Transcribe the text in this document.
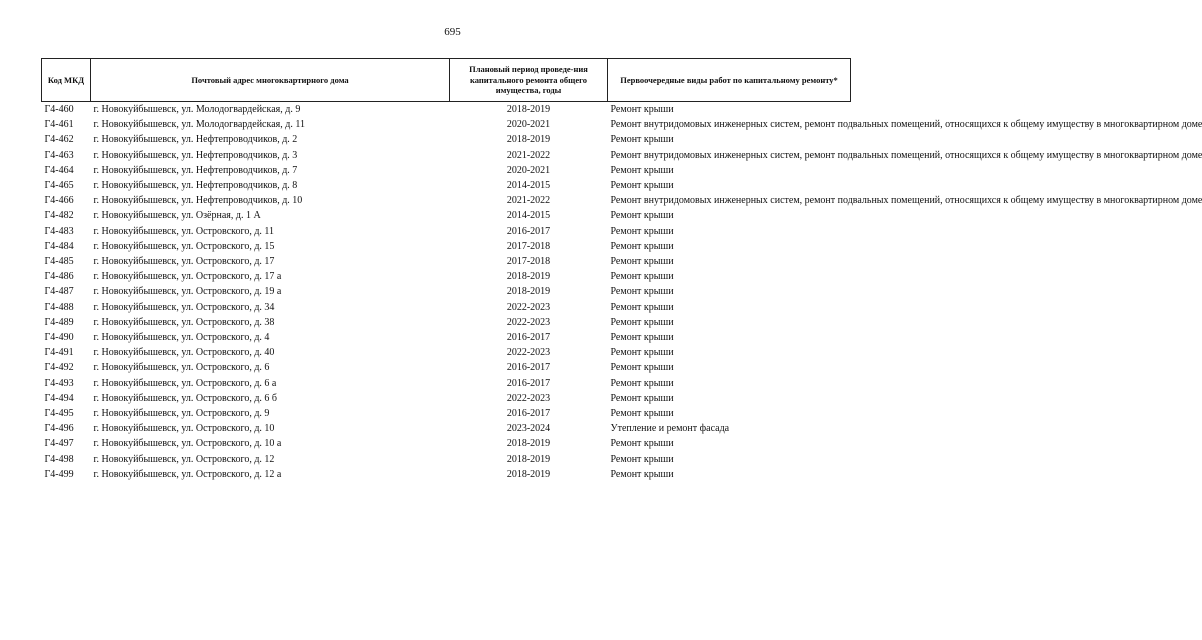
695
Код МКД	Почтовый адрес многоквартирного дома	Плановый период проведе-ния капитального ремонта общего имущества, годы	Первоочередные виды работ по капитальному ремонту*
Г4-460	г. Новокуйбышевск, ул. Молодогвардейская, д. 9	2018-2019	Ремонт крыши
Г4-461	г. Новокуйбышевск, ул. Молодогвардейская, д. 11	2020-2021	Ремонт внутридомовых инженерных систем, ремонт подвальных помещений, относящихся к общему имуществу в многоквартирном доме
Г4-462	г. Новокуйбышевск, ул. Нефтепроводчиков, д. 2	2018-2019	Ремонт крыши
Г4-463	г. Новокуйбышевск, ул. Нефтепроводчиков, д. 3	2021-2022	Ремонт внутридомовых инженерных систем, ремонт подвальных помещений, относящихся к общему имуществу в многоквартирном доме
Г4-464	г. Новокуйбышевск, ул. Нефтепроводчиков, д. 7	2020-2021	Ремонт крыши
Г4-465	г. Новокуйбышевск, ул. Нефтепроводчиков, д. 8	2014-2015	Ремонт крыши
Г4-466	г. Новокуйбышевск, ул. Нефтепроводчиков, д. 10	2021-2022	Ремонт внутридомовых инженерных систем, ремонт подвальных помещений, относящихся к общему имуществу в многоквартирном доме
Г4-482	г. Новокуйбышевск, ул. Озёрная, д. 1 А	2014-2015	Ремонт крыши
Г4-483	г. Новокуйбышевск, ул. Островского, д. 11	2016-2017	Ремонт крыши
Г4-484	г. Новокуйбышевск, ул. Островского, д. 15	2017-2018	Ремонт крыши
Г4-485	г. Новокуйбышевск, ул. Островского, д. 17	2017-2018	Ремонт крыши
Г4-486	г. Новокуйбышевск, ул. Островского, д. 17 а	2018-2019	Ремонт крыши
Г4-487	г. Новокуйбышевск, ул. Островского, д. 19 а	2018-2019	Ремонт крыши
Г4-488	г. Новокуйбышевск, ул. Островского, д. 34	2022-2023	Ремонт крыши
Г4-489	г. Новокуйбышевск, ул. Островского, д. 38	2022-2023	Ремонт крыши
Г4-490	г. Новокуйбышевск, ул. Островского, д. 4	2016-2017	Ремонт крыши
Г4-491	г. Новокуйбышевск, ул. Островского, д. 40	2022-2023	Ремонт крыши
Г4-492	г. Новокуйбышевск, ул. Островского, д. 6	2016-2017	Ремонт крыши
Г4-493	г. Новокуйбышевск, ул. Островского, д. 6 а	2016-2017	Ремонт крыши
Г4-494	г. Новокуйбышевск, ул. Островского, д. 6 б	2022-2023	Ремонт крыши
Г4-495	г. Новокуйбышевск, ул. Островского, д. 9	2016-2017	Ремонт крыши
Г4-496	г. Новокуйбышевск, ул. Островского, д. 10	2023-2024	Утепление и ремонт фасада
Г4-497	г. Новокуйбышевск, ул. Островского, д. 10 а	2018-2019	Ремонт крыши
Г4-498	г. Новокуйбышевск, ул. Островского, д. 12	2018-2019	Ремонт крыши
Г4-499	г. Новокуйбышевск, ул. Островского, д. 12 а	2018-2019	Ремонт крыши
